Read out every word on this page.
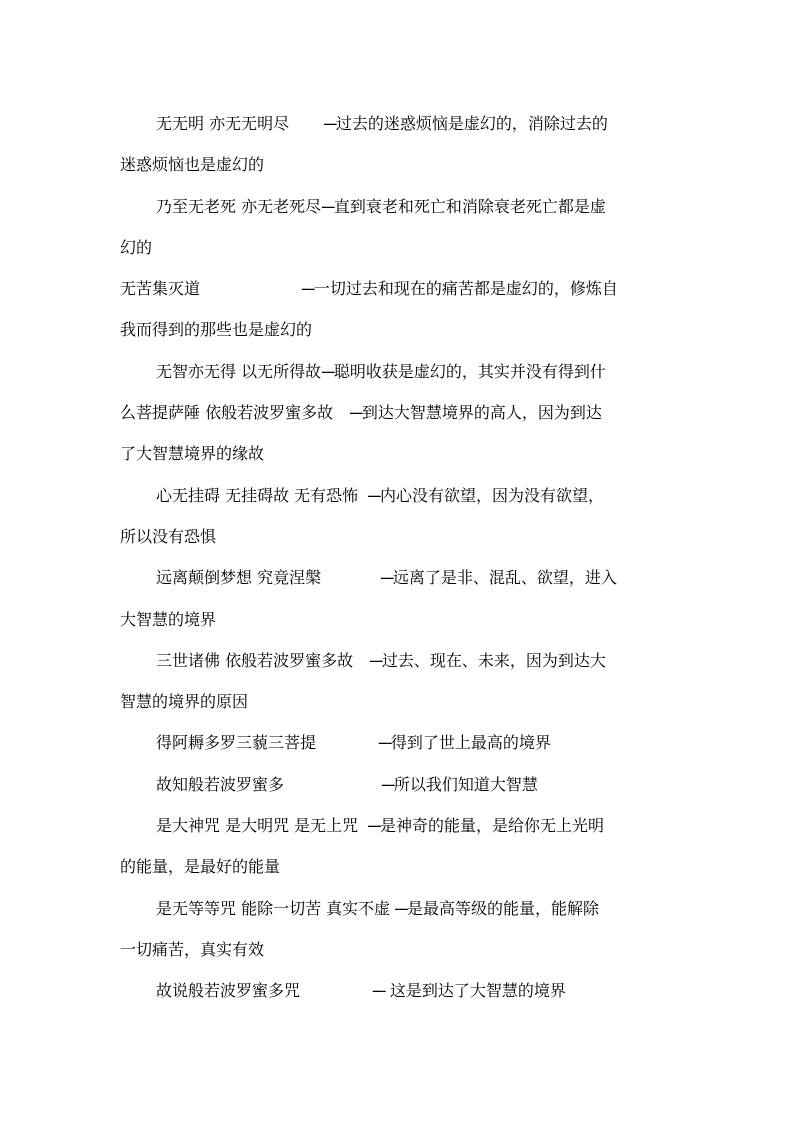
无无明 亦无无明尽 ---过去的迷惑烦恼是虚幻的，消除过去的
迷惑烦恼也是虚幻的
乃至无老死 亦无老死尽---直到衰老和死亡和消除衰老死亡都是虚
幻的
无苦集灭道	---一切过去和现在的痛苦都是虚幻的，修炼自
我而得到的那些也是虚幻的
无智亦无得 以无所得故---聪明收获是虚幻的，其实并没有得到什
么菩提萨陲 依般若波罗蜜多故 ---到达大智慧境界的高人，因为到达
了大智慧境界的缘故
心无挂碍 无挂碍故 无有恐怖 ---内心没有欲望，因为没有欲望，
所以没有恐惧
远离颠倒梦想 究竟涅槃	---远离了是非、混乱、欲望，进入
大智慧的境界
三世诸佛 依般若波罗蜜多故 ---过去、现在、未来，因为到达大
智慧的境界的原因
得阿耨多罗三藐三菩提	---得到了世上最高的境界
故知般若波罗蜜多	---所以我们知道大智慧
是大神咒 是大明咒 是无上咒 ---是神奇的能量，是给你无上光明
的能量，是最好的能量
是无等等咒 能除一切苦 真实不虚 ---是最高等级的能量，能解除
一切痛苦，真实有效
故说般若波罗蜜多咒	--- 这是到达了大智慧的境界
